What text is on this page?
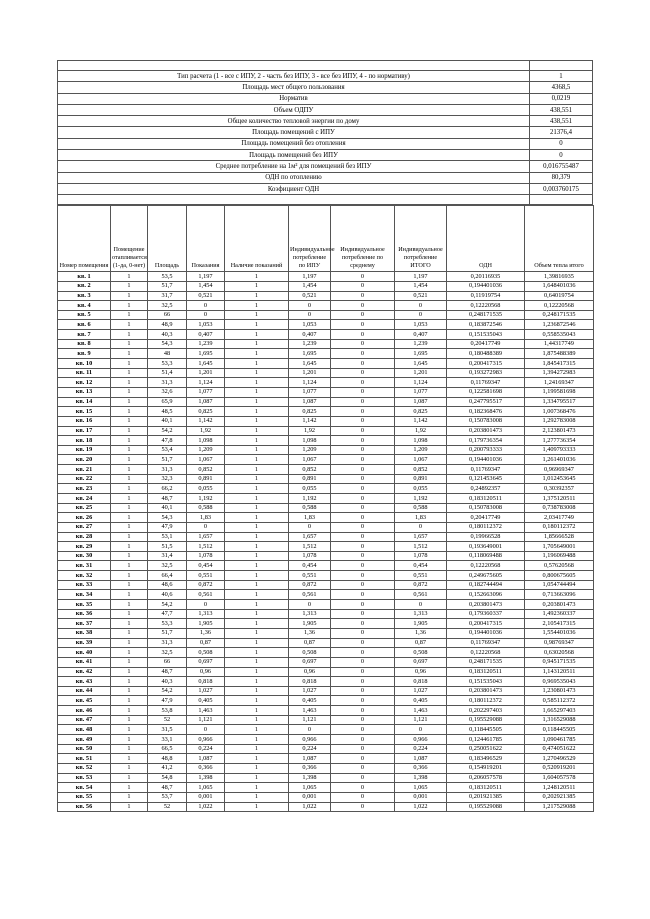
Тип расчета (1 - все с ИПУ, 2 - часть без ИПУ, 3 - все без ИПУ, 4 - по нормативу)	1
Площадь мест общего пользования	4368,5
Норматив	0,0219
Объем ОДПУ	438,551
Общее количество тепловой энергии по дому	438,551
Площадь помещений с ИПУ	21376,4
Площадь помещений без отопления	0
Площадь помещений без ИПУ	0
Среднее потребление на 1м² для помещений без ИПУ	0,016755487
ОДН по отоплению	80,379
Коэфициент ОДН	0,003760175

Номер помещения	Помещение отапливается (1-да, 0-нет)	Площадь	Показания	Наличие показаний	Индивидуальное потребление по ИПУ	Индивидуальное потребление по среднему	Индивидуальное потребление ИТОГО	ОДН	Объем тепла итого
кв. 1	1	53,5	1,197	1	1,197	0	1,197	0,20116935	1,39816935
кв. 2	1	51,7	1,454	1	1,454	0	1,454	0,194401036	1,648401036
кв. 3	1	31,7	0,521	1	0,521	0	0,521	0,11919754	0,64019754
кв. 4	1	32,5	0	1	0	0	0	0,12220568	0,12220568
кв. 5	1	66	0	1	0	0	0	0,248171535	0,248171535
кв. 6	1	48,9	1,053	1	1,053	0	1,053	0,183872546	1,236872546
кв. 7	1	40,3	0,407	1	0,407	0	0,407	0,151535043	0,558535043
кв. 8	1	54,3	1,239	1	1,239	0	1,239	0,20417749	1,44317749
кв. 9	1	48	1,695	1	1,695	0	1,695	0,180488389	1,875488389
кв. 10	1	53,3	1,645	1	1,645	0	1,645	0,200417315	1,845417315
кв. 11	1	51,4	1,201	1	1,201	0	1,201	0,193272983	1,394272983
кв. 12	1	31,3	1,124	1	1,124	0	1,124	0,11769347	1,24169347
кв. 13	1	32,6	1,077	1	1,077	0	1,077	0,122581698	1,199581698
кв. 14	1	65,9	1,087	1	1,087	0	1,087	0,247795517	1,334795517
кв. 15	1	48,5	0,825	1	0,825	0	0,825	0,182368476	1,007368476
кв. 16	1	40,1	1,142	1	1,142	0	1,142	0,150783008	1,292783008
кв. 17	1	54,2	1,92	1	1,92	0	1,92	0,203801473	2,123801473
кв. 18	1	47,8	1,098	1	1,098	0	1,098	0,179736354	1,277736354
кв. 19	1	53,4	1,209	1	1,209	0	1,209	0,200793333	1,409793333
кв. 20	1	51,7	1,067	1	1,067	0	1,067	0,194401036	1,261401036
кв. 21	1	31,3	0,852	1	0,852	0	0,852	0,11769347	0,96969347
кв. 22	1	32,3	0,891	1	0,891	0	0,891	0,121453645	1,012453645
кв. 23	1	66,2	0,055	1	0,055	0	0,055	0,24892357	0,30392357
кв. 24	1	48,7	1,192	1	1,192	0	1,192	0,183120511	1,375120511
кв. 25	1	40,1	0,588	1	0,588	0	0,588	0,150783008	0,738783008
кв. 26	1	54,3	1,83	1	1,83	0	1,83	0,20417749	2,03417749
кв. 27	1	47,9	0	1	0	0	0	0,180112372	0,180112372
кв. 28	1	53,1	1,657	1	1,657	0	1,657	0,19966528	1,85666528
кв. 29	1	51,5	1,512	1	1,512	0	1,512	0,193649001	1,705649001
кв. 30	1	31,4	1,078	1	1,078	0	1,078	0,118069488	1,196069488
кв. 31	1	32,5	0,454	1	0,454	0	0,454	0,12220568	0,57620568
кв. 32	1	66,4	0,551	1	0,551	0	0,551	0,249675605	0,800675605
кв. 33	1	48,6	0,872	1	0,872	0	0,872	0,182744494	1,054744494
кв. 34	1	40,6	0,561	1	0,561	0	0,561	0,152663096	0,713663096
кв. 35	1	54,2	0	1	0	0	0	0,203801473	0,203801473
кв. 36	1	47,7	1,313	1	1,313	0	1,313	0,179360337	1,492360337
кв. 37	1	53,3	1,905	1	1,905	0	1,905	0,200417315	2,105417315
кв. 38	1	51,7	1,36	1	1,36	0	1,36	0,194401036	1,554401036
кв. 39	1	31,3	0,87	1	0,87	0	0,87	0,11769347	0,98769347
кв. 40	1	32,5	0,508	1	0,508	0	0,508	0,12220568	0,63020568
кв. 41	1	66	0,697	1	0,697	0	0,697	0,248171535	0,945171535
кв. 42	1	48,7	0,96	1	0,96	0	0,96	0,183120511	1,143120511
кв. 43	1	40,3	0,818	1	0,818	0	0,818	0,151535043	0,969535043
кв. 44	1	54,2	1,027	1	1,027	0	1,027	0,203801473	1,230801473
кв. 45	1	47,9	0,405	1	0,405	0	0,405	0,180112372	0,585112372
кв. 46	1	53,8	1,463	1	1,463	0	1,463	0,202297403	1,665297403
кв. 47	1	52	1,121	1	1,121	0	1,121	0,195529088	1,316529088
кв. 48	1	31,5	0	1	0	0	0	0,118445505	0,118445505
кв. 49	1	33,1	0,966	1	0,966	0	0,966	0,124461785	1,090461785
кв. 50	1	66,5	0,224	1	0,224	0	0,224	0,250051622	0,474051622
кв. 51	1	48,8	1,087	1	1,087	0	1,087	0,183496529	1,270496529
кв. 52	1	41,2	0,366	1	0,366	0	0,366	0,154919201	0,520919201
кв. 53	1	54,8	1,398	1	1,398	0	1,398	0,206057578	1,604057578
кв. 54	1	48,7	1,065	1	1,065	0	1,065	0,183120511	1,248120511
кв. 55	1	53,7	0,001	1	0,001	0	0,001	0,201921385	0,202921385
кв. 56	1	52	1,022	1	1,022	0	1,022	0,195529088	1,217529088
